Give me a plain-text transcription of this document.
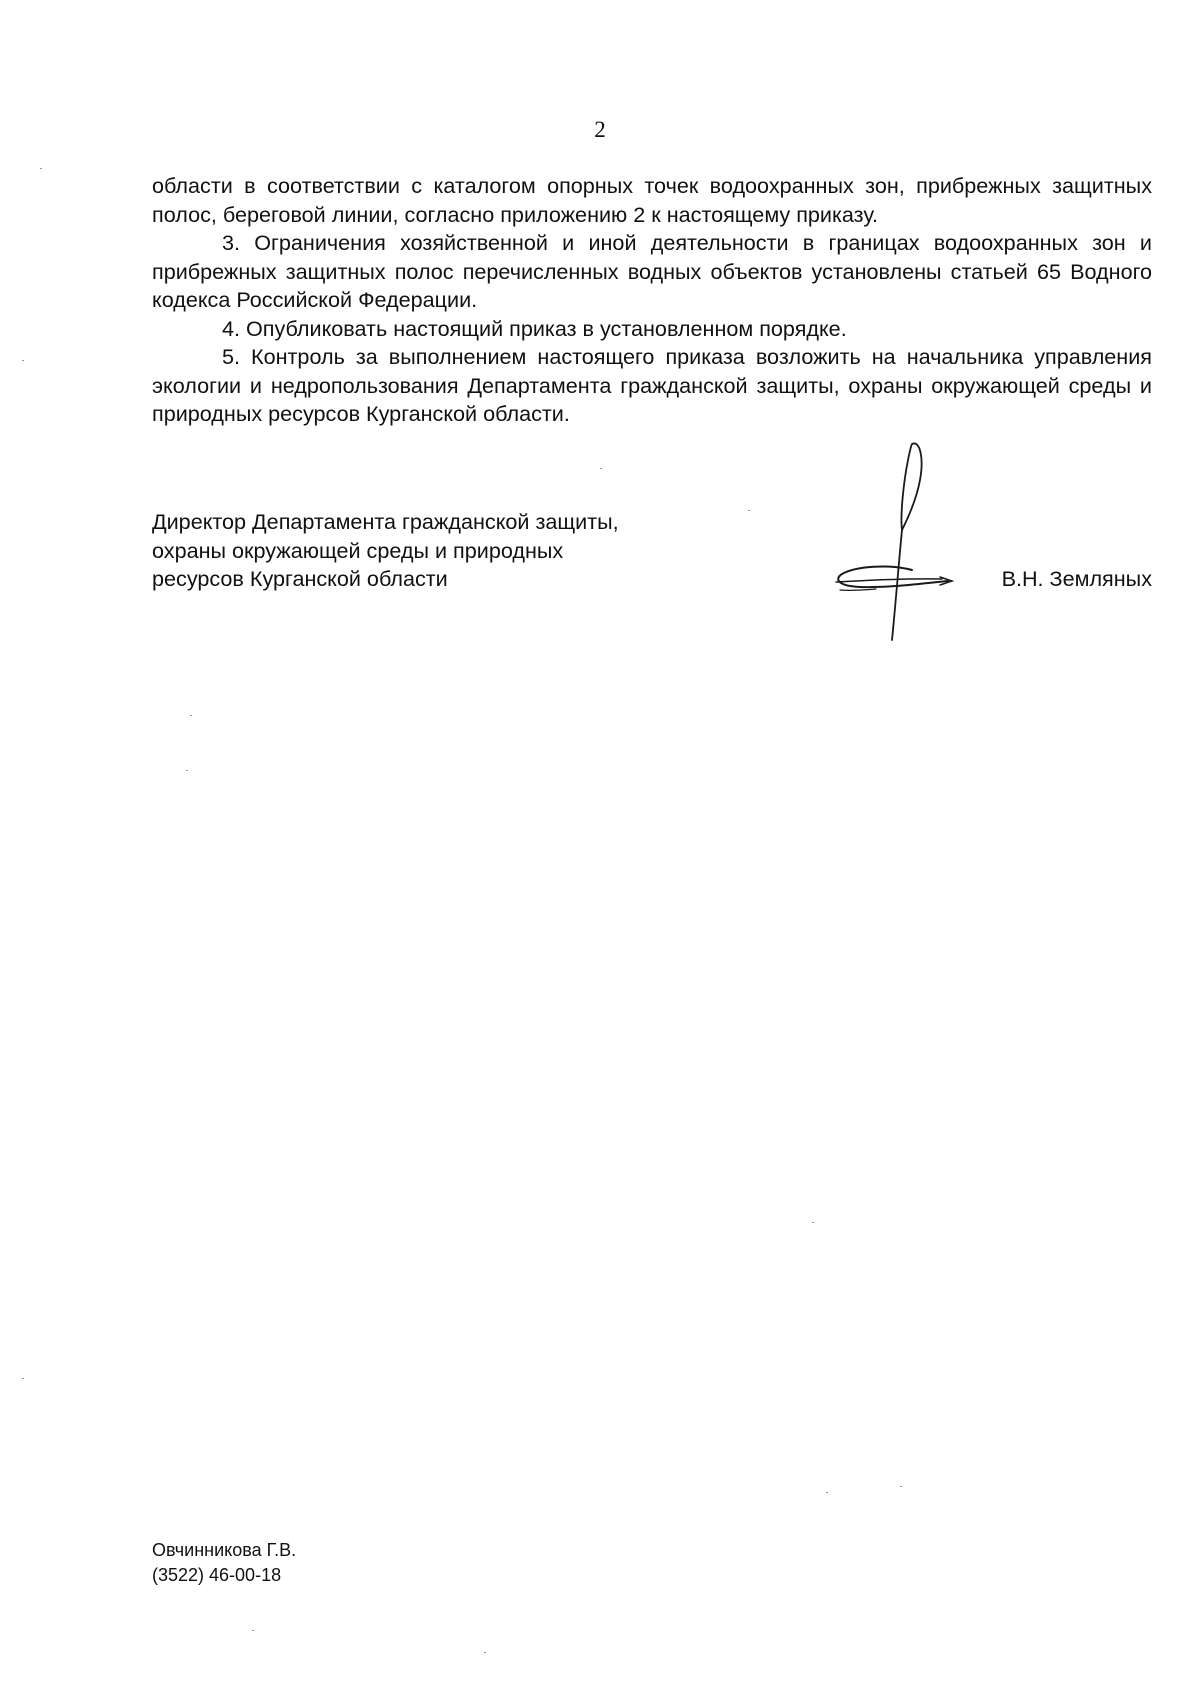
2

области в соответствии с каталогом опорных точек водоохранных зон, прибрежных защитных полос, береговой линии, согласно приложению 2 к настоящему приказу.

3. Ограничения хозяйственной и иной деятельности в границах водоохранных зон и прибрежных защитных полос перечисленных водных объектов установлены статьей 65 Водного кодекса Российской Федерации.

4. Опубликовать настоящий приказ в установленном порядке.

5. Контроль за выполнением настоящего приказа возложить на начальника управления экологии и недропользования Департамента гражданской защиты, охраны окружающей среды и природных ресурсов Курганской области.

Директор Департамента гражданской защиты,
охраны окружающей среды и природных
ресурсов Курганской области	В.Н. Земляных
Овчинникова Г.В.
(3522) 46-00-18
